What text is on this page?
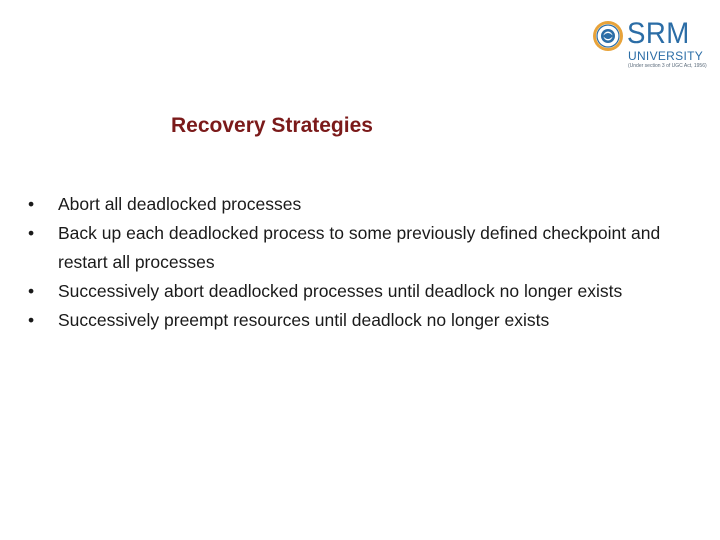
SRM
UNIVERSITY
(Under section 3 of UGC Act, 1956)
Recovery Strategies
•	Abort all deadlocked processes
•	Back up each deadlocked process to some previously defined checkpoint and restart all processes
•	Successively abort deadlocked processes until deadlock no longer exists
•	Successively preempt resources until deadlock no longer exists
